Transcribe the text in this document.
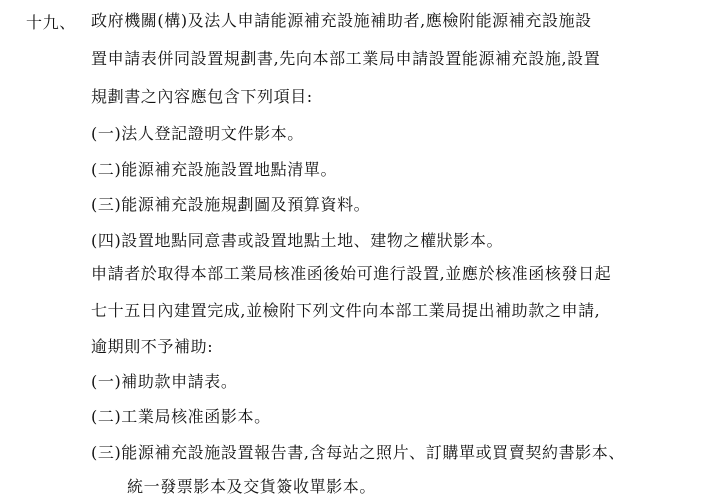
十九、 政府機關(構)及法人申請能源補充設施補助者,應檢附能源補充設施設
置申請表併同設置規劃書,先向本部工業局申請設置能源補充設施,設置
規劃書之內容應包含下列項目:
(一)法人登記證明文件影本。
(二)能源補充設施設置地點清單。
(三)能源補充設施規劃圖及預算資料。
(四)設置地點同意書或設置地點土地、建物之權狀影本。
申請者於取得本部工業局核准函後始可進行設置,並應於核准函核發日起
七十五日內建置完成,並檢附下列文件向本部工業局提出補助款之申請,
逾期則不予補助:
(一)補助款申請表。
(二)工業局核准函影本。
(三)能源補充設施設置報告書,含每站之照片、訂購單或買賣契約書影本、
統一發票影本及交貨簽收單影本。
